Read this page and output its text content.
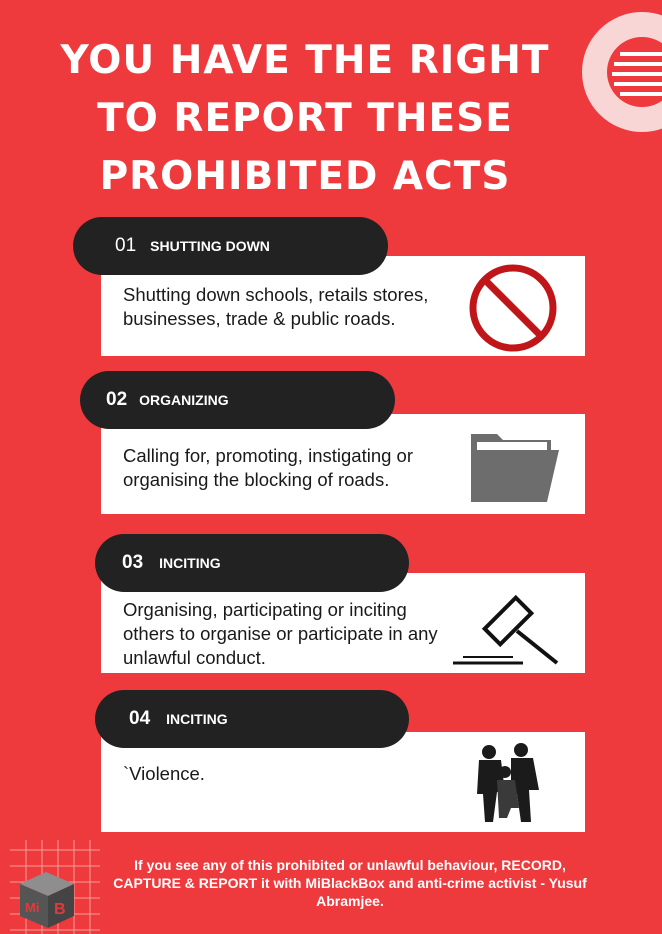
YOU HAVE THE RIGHT
TO REPORT THESE
PROHIBITED ACTS
Shutting down schools, retails stores, businesses, trade & public roads.
01 SHUTTING DOWN
Calling for, promoting, instigating or organising the blocking of roads.
02 ORGANIZING
Organising, participating or inciting others to organise or participate in any unlawful conduct.
03 INCITING
`Violence.
04 INCITING
Mi B
If you see any of this prohibited or unlawful behaviour, RECORD, CAPTURE & REPORT it with MiBlackBox and anti-crime activist - Yusuf Abramjee.
